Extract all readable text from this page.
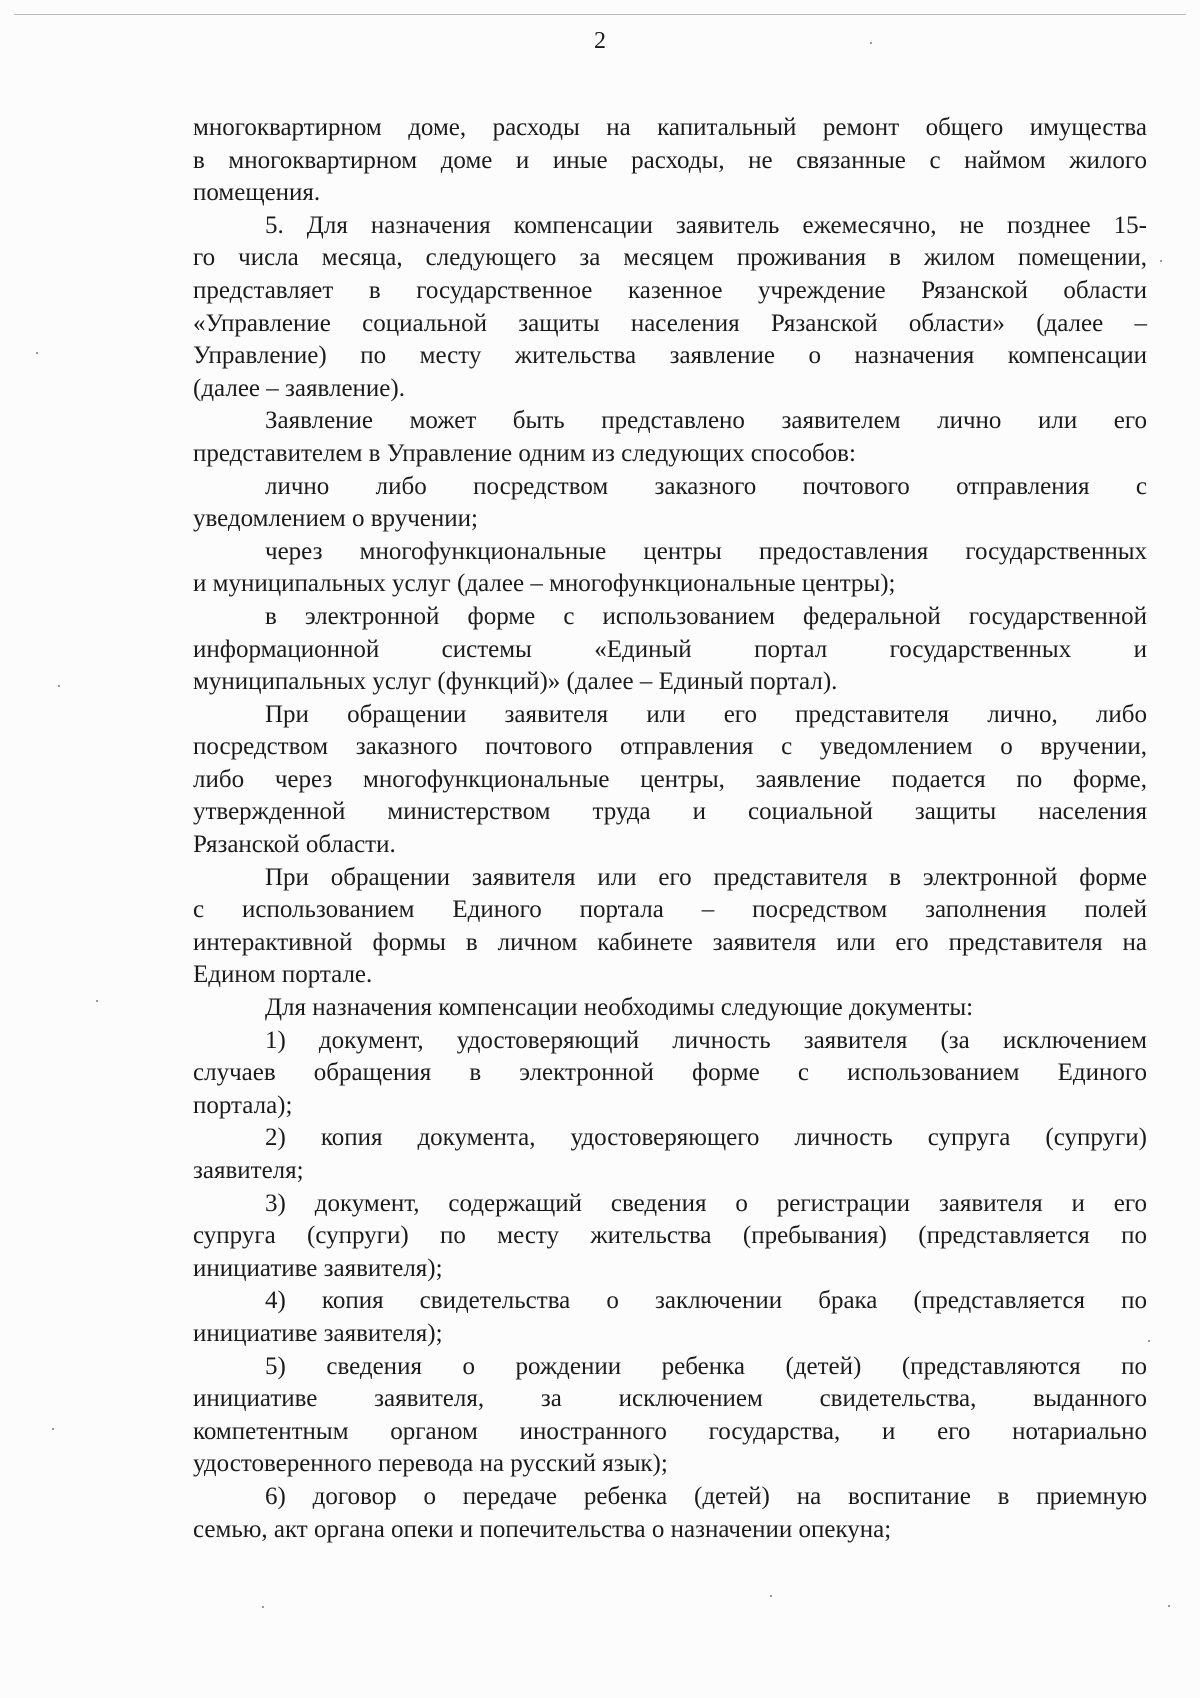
2
многоквартирном доме, расходы на капитальный ремонт общего имущества
в многоквартирном доме и иные расходы, не связанные с наймом жилого
помещения.
5. Для назначения компенсации заявитель ежемесячно, не позднее 15-
го числа месяца, следующего за месяцем проживания в жилом помещении,
представляет в государственное казенное учреждение Рязанской области
«Управление социальной защиты населения Рязанской области» (далее –
Управление) по месту жительства заявление о назначения компенсации
(далее – заявление).
Заявление может быть представлено заявителем лично или его
представителем в Управление одним из следующих способов:
лично либо посредством заказного почтового отправления с
уведомлением о вручении;
через многофункциональные центры предоставления государственных
и муниципальных услуг (далее – многофункциональные центры);
в электронной форме с использованием федеральной государственной
информационной системы «Единый портал государственных и
муниципальных услуг (функций)» (далее – Единый портал).
При обращении заявителя или его представителя лично, либо
посредством заказного почтового отправления с уведомлением о вручении,
либо через многофункциональные центры, заявление подается по форме,
утвержденной министерством труда и социальной защиты населения
Рязанской области.
При обращении заявителя или его представителя в электронной форме
с использованием Единого портала – посредством заполнения полей
интерактивной формы в личном кабинете заявителя или его представителя на
Едином портале.
Для назначения компенсации необходимы следующие документы:
1) документ, удостоверяющий личность заявителя (за исключением
случаев обращения в электронной форме с использованием Единого
портала);
2) копия документа, удостоверяющего личность супруга (супруги)
заявителя;
3) документ, содержащий сведения о регистрации заявителя и его
супруга (супруги) по месту жительства (пребывания) (представляется по
инициативе заявителя);
4) копия свидетельства о заключении брака (представляется по
инициативе заявителя);
5) сведения о рождении ребенка (детей) (представляются по
инициативе заявителя, за исключением свидетельства, выданного
компетентным органом иностранного государства, и его нотариально
удостоверенного перевода на русский язык);
6) договор о передаче ребенка (детей) на воспитание в приемную
семью, акт органа опеки и попечительства о назначении опекуна;
